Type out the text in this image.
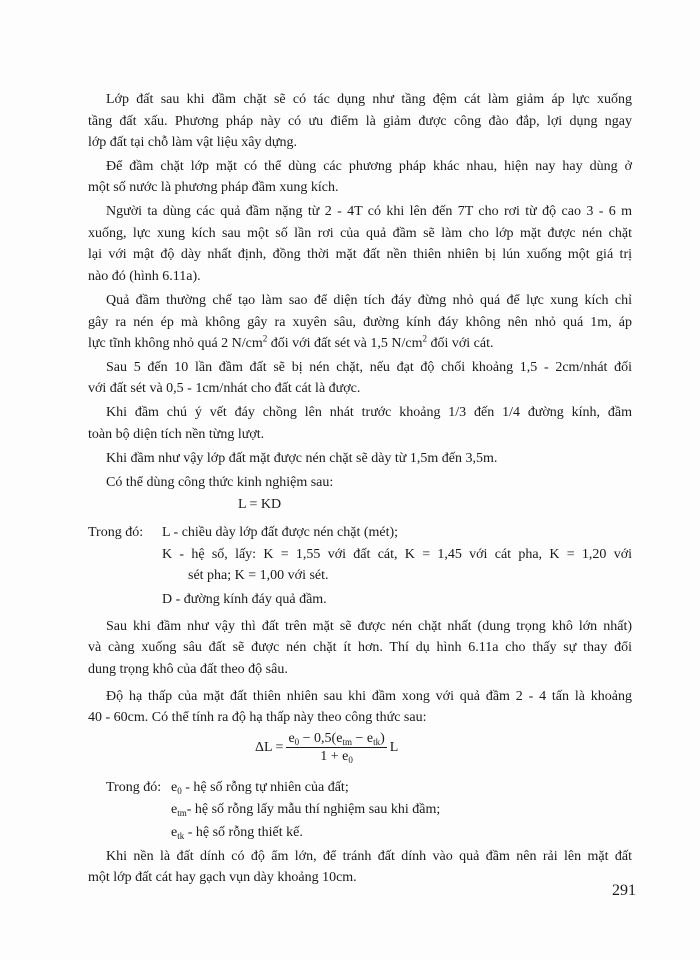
Lớp đất sau khi đầm chặt sẽ có tác dụng như tầng đệm cát làm giảm áp lực xuống
tầng đất xấu. Phương pháp này có ưu điểm là giảm được công đào đắp, lợi dụng ngay
lớp đất tại chỗ làm vật liệu xây dựng.
Để đầm chặt lớp mặt có thể dùng các phương pháp khác nhau, hiện nay hay dùng ở
một số nước là phương pháp đầm xung kích.
Người ta dùng các quả đầm nặng từ 2 - 4T có khi lên đến 7T cho rơi từ độ cao 3 - 6 m
xuống, lực xung kích sau một số lần rơi của quả đầm sẽ làm cho lớp mặt được nén chặt
lại với mật độ dày nhất định, đồng thời mặt đất nền thiên nhiên bị lún xuống một giá trị
nào đó (hình 6.11a).
Quả đầm thường chế tạo làm sao để diện tích đáy đừng nhỏ quá để lực xung kích chỉ
gây ra nén ép mà không gây ra xuyên sâu, đường kính đáy không nên nhỏ quá 1m, áp
lực tĩnh không nhỏ quá 2 $N/cm^2$ đối với đất sét và 1,5 $N/cm^2$ đối với cát.
Sau 5 đến 10 lần đầm đất sẽ bị nén chặt, nếu đạt độ chối khoảng 1,5 - 2cm/nhát đối
với đất sét và 0,5 - 1cm/nhát cho đất cát là được.
Khi đầm chú ý vết đáy chồng lên nhát trước khoảng 1/3 đến 1/4 đường kính, đầm
toàn bộ diện tích nền từng lượt.
Khi đầm như vậy lớp đất mặt được nén chặt sẽ dày từ 1,5m đến 3,5m.
Có thể dùng công thức kinh nghiệm sau:
L = KD
Trong đó: L - chiều dày lớp đất được nén chặt (mét);
K - hệ số, lấy: K = 1,55 với đất cát, K = 1,45 với cát pha, K = 1,20 với
sét pha; K = 1,00 với sét.
D - đường kính đáy quả đầm.
Sau khi đầm như vậy thì đất trên mặt sẽ được nén chặt nhất (dung trọng khô lớn nhất)
và càng xuống sâu đất sẽ được nén chặt ít hơn. Thí dụ hình 6.11a cho thấy sự thay đổi
dung trọng khô của đất theo độ sâu.
Độ hạ thấp của mặt đất thiên nhiên sau khi đầm xong với quả đầm 2 - 4 tấn là khoảng
40 - 60cm. Có thể tính ra độ hạ thấp này theo công thức sau:
$\Delta L = \frac{e_0 - 0,5(e_{tm} - e_{tk})}{1 + e_0}$ L
Trong đó: $e_0$ - hệ số rỗng tự nhiên của đất;
$e_{tm}-$ hệ số rỗng lấy mẫu thí nghiệm sau khi đầm;
$e_{tk}$ - hệ số rỗng thiết kế.
Khi nền là đất dính có độ ẩm lớn, để tránh đất dính vào quả đầm nên rải lên mặt đất
một lớp đất cát hay gạch vụn dày khoảng 10cm.
291
